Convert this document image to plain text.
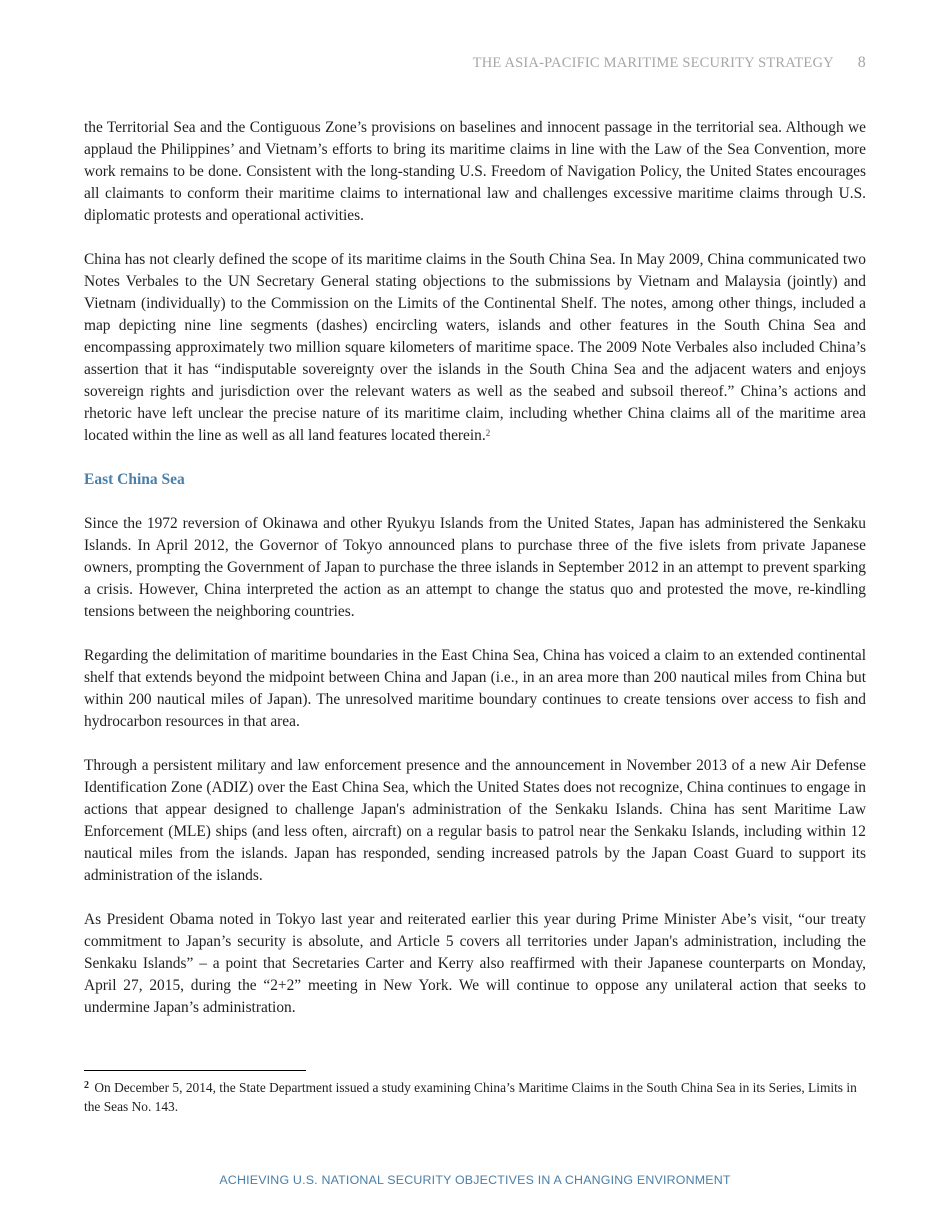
THE ASIA-PACIFIC MARITIME SECURITY STRATEGY 8

the Territorial Sea and the Contiguous Zone’s provisions on baselines and innocent passage in the territorial sea. Although we applaud the Philippines’ and Vietnam’s efforts to bring its maritime claims in line with the Law of the Sea Convention, more work remains to be done. Consistent with the long-standing U.S. Freedom of Navigation Policy, the United States encourages all claimants to conform their maritime claims to international law and challenges excessive maritime claims through U.S. diplomatic protests and operational activities.

China has not clearly defined the scope of its maritime claims in the South China Sea. In May 2009, China communicated two Notes Verbales to the UN Secretary General stating objections to the submissions by Vietnam and Malaysia (jointly) and Vietnam (individually) to the Commission on the Limits of the Continental Shelf. The notes, among other things, included a map depicting nine line segments (dashes) encircling waters, islands and other features in the South China Sea and encompassing approximately two million square kilometers of maritime space. The 2009 Note Verbales also included China’s assertion that it has “indisputable sovereignty over the islands in the South China Sea and the adjacent waters and enjoys sovereign rights and jurisdiction over the relevant waters as well as the seabed and subsoil thereof.” China’s actions and rhetoric have left unclear the precise nature of its maritime claim, including whether China claims all of the maritime area located within the line as well as all land features located therein.$^2$

East China Sea

Since the 1972 reversion of Okinawa and other Ryukyu Islands from the United States, Japan has administered the Senkaku Islands. In April 2012, the Governor of Tokyo announced plans to purchase three of the five islets from private Japanese owners, prompting the Government of Japan to purchase the three islands in September 2012 in an attempt to prevent sparking a crisis. However, China interpreted the action as an attempt to change the status quo and protested the move, re-kindling tensions between the neighboring countries.

Regarding the delimitation of maritime boundaries in the East China Sea, China has voiced a claim to an extended continental shelf that extends beyond the midpoint between China and Japan (i.e., in an area more than 200 nautical miles from China but within 200 nautical miles of Japan). The unresolved maritime boundary continues to create tensions over access to fish and hydrocarbon resources in that area.

Through a persistent military and law enforcement presence and the announcement in November 2013 of a new Air Defense Identification Zone (ADIZ) over the East China Sea, which the United States does not recognize, China continues to engage in actions that appear designed to challenge Japan's administration of the Senkaku Islands. China has sent Maritime Law Enforcement (MLE) ships (and less often, aircraft) on a regular basis to patrol near the Senkaku Islands, including within 12 nautical miles from the islands. Japan has responded, sending increased patrols by the Japan Coast Guard to support its administration of the islands.

As President Obama noted in Tokyo last year and reiterated earlier this year during Prime Minister Abe’s visit, “our treaty commitment to Japan’s security is absolute, and Article 5 covers all territories under Japan's administration, including the Senkaku Islands” – a point that Secretaries Carter and Kerry also reaffirmed with their Japanese counterparts on Monday, April 27, 2015, during the “2+2” meeting in New York. We will continue to oppose any unilateral action that seeks to undermine Japan’s administration.

$^2$ On December 5, 2014, the State Department issued a study examining China’s Maritime Claims in the South China Sea in its Series, Limits in the Seas No. 143.
ACHIEVING U.S. NATIONAL SECURITY OBJECTIVES IN A CHANGING ENVIRONMENT
